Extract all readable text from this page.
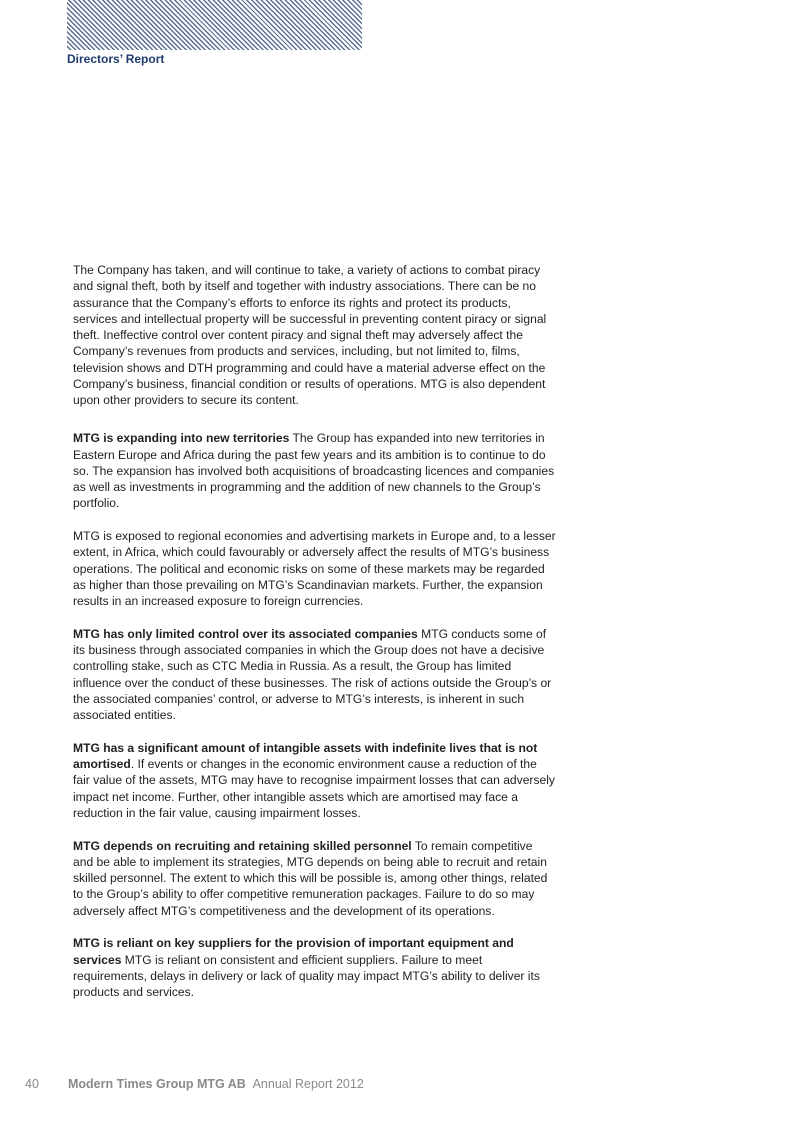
Directors’ Report

The Company has taken, and will continue to take, a variety of actions to combat piracy
and signal theft, both by itself and together with industry associations. There can be no
assurance that the Company’s efforts to enforce its rights and protect its products,
services and intellectual property will be successful in preventing content piracy or signal
theft. Ineffective control over content piracy and signal theft may adversely affect the
Company’s revenues from products and services, including, but not limited to, films,
television shows and DTH programming and could have a material adverse effect on the
Company’s business, financial condition or results of operations. MTG is also dependent
upon other providers to secure its content.

MTG is expanding into new territories The Group has expanded into new territories in
Eastern Europe and Africa during the past few years and its ambition is to continue to do
so. The expansion has involved both acquisitions of broadcasting licences and companies
as well as investments in programming and the addition of new channels to the Group’s
portfolio.

MTG is exposed to regional economies and advertising markets in Europe and, to a lesser
extent, in Africa, which could favourably or adversely affect the results of MTG’s business
operations. The political and economic risks on some of these markets may be regarded
as higher than those prevailing on MTG’s Scandinavian markets. Further, the expansion
results in an increased exposure to foreign currencies.

MTG has only limited control over its associated companies MTG conducts some of
its business through associated companies in which the Group does not have a decisive
controlling stake, such as CTC Media in Russia. As a result, the Group has limited
influence over the conduct of these businesses. The risk of actions outside the Group’s or
the associated companies’ control, or adverse to MTG’s interests, is inherent in such
associated entities.

MTG has a significant amount of intangible assets with indefinite lives that is not
amortised. If events or changes in the economic environment cause a reduction of the
fair value of the assets, MTG may have to recognise impairment losses that can adversely
impact net income. Further, other intangible assets which are amortised may face a
reduction in the fair value, causing impairment losses.

MTG depends on recruiting and retaining skilled personnel To remain competitive
and be able to implement its strategies, MTG depends on being able to recruit and retain
skilled personnel. The extent to which this will be possible is, among other things, related
to the Group’s ability to offer competitive remuneration packages. Failure to do so may
adversely affect MTG’s competitiveness and the development of its operations.

MTG is reliant on key suppliers for the provision of important equipment and
services MTG is reliant on consistent and efficient suppliers. Failure to meet
requirements, delays in delivery or lack of quality may impact MTG’s ability to deliver its
products and services.

40 Modern Times Group MTG AB Annual Report 2012
